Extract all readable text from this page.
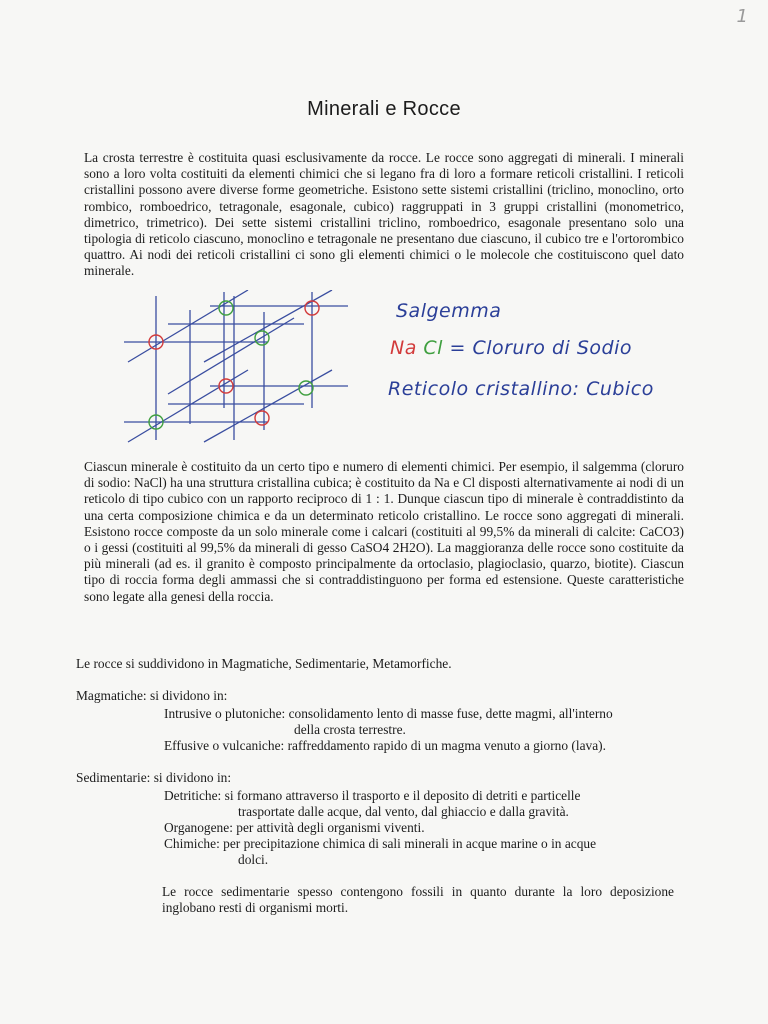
1
Minerali e Rocce

La crosta terrestre è costituita quasi esclusivamente da rocce. Le rocce sono aggregati di minerali. I minerali sono a loro volta costituiti da elementi chimici che si legano fra di loro a formare reticoli cristallini. I reticoli cristallini possono avere diverse forme geometriche. Esistono sette sistemi cristallini (triclino, monoclino, orto rombico, romboedrico, tetragonale, esagonale, cubico) raggruppati in 3 gruppi cristallini (monometrico, dimetrico, trimetrico). Dei sette sistemi cristallini triclino, romboedrico, esagonale presentano solo una tipologia di reticolo ciascuno, monoclino e tetragonale ne presentano due ciascuno, il cubico tre e l'ortorombico quattro. Ai nodi dei reticoli cristallini ci sono gli elementi chimici o le molecole che costituiscono quel dato minerale.

Salgemma
Na Cl = Cloruro di Sodio
Reticolo cristallino: Cubico

Ciascun minerale è costituito da un certo tipo e numero di elementi chimici. Per esempio, il salgemma (cloruro di sodio: NaCl) ha una struttura cristallina cubica; è costituito da Na e Cl disposti alternativamente ai nodi di un reticolo di tipo cubico con un rapporto reciproco di 1 : 1. Dunque ciascun tipo di minerale è contraddistinto da una certa composizione chimica e da un determinato reticolo cristallino. Le rocce sono aggregati di minerali. Esistono rocce composte da un solo minerale come i calcari (costituiti al 99,5% da minerali di calcite: CaCO3) o i gessi (costituiti al 99,5% da minerali di gesso CaSO4 2H2O). La maggioranza delle rocce sono costituite da più minerali (ad es. il granito è composto principalmente da ortoclasio, plagioclasio, quarzo, biotite). Ciascun tipo di roccia forma degli ammassi che si contraddistinguono per forma ed estensione. Queste caratteristiche sono legate alla genesi della roccia.

Le rocce si suddividono in Magmatiche, Sedimentarie, Metamorfiche.
Magmatiche: si dividono in:
Intrusive o plutoniche: consolidamento lento di masse fuse, dette magmi, all'interno
della crosta terrestre.
Effusive o vulcaniche: raffreddamento rapido di un magma venuto a giorno (lava).
Sedimentarie: si dividono in:
Detritiche: si formano attraverso il trasporto e il deposito di detriti e particelle
trasportate dalle acque, dal vento, dal ghiaccio e dalla gravità.
Organogene: per attività degli organismi viventi.
Chimiche: per precipitazione chimica di sali minerali in acque marine o in acque
dolci.
Le rocce sedimentarie spesso contengono fossili in quanto durante la loro deposizione inglobano resti di organismi morti.
